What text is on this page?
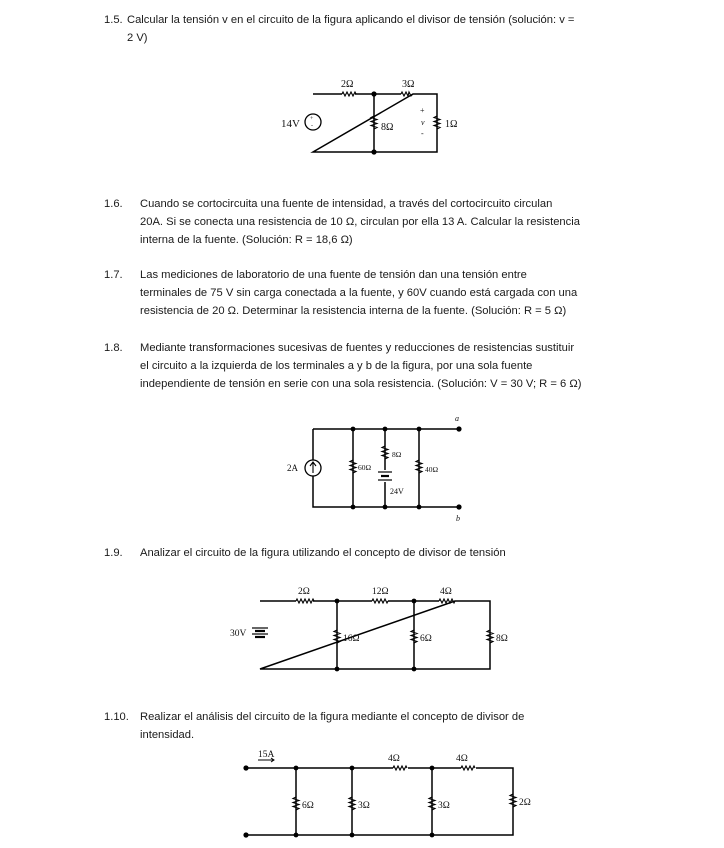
1.5. Calcular la tensión v en el circuito de la figura aplicando el divisor de tensión (solución: v =
2 V)
+
-
14V
2Ω	3Ω
8Ω	1Ω
+
v
-
1.6. Cuando se cortocircuita una fuente de intensidad, a través del cortocircuito circulan
20A. Si se conecta una resistencia de 10 Ω, circulan por ella 13 A. Calcular la resistencia
interna de la fuente. (Solución: R = 18,6 Ω)
1.7. Las mediciones de laboratorio de una fuente de tensión dan una tensión entre
terminales de 75 V sin carga conectada a la fuente, y 60V cuando está cargada con una
resistencia de 20 Ω. Determinar la resistencia interna de la fuente. (Solución: R = 5 Ω)
1.8. Mediante transformaciones sucesivas de fuentes y reducciones de resistencias sustituir
el circuito a la izquierda de los terminales a y b de la figura, por una sola fuente
independiente de tensión en serie con una sola resistencia. (Solución: V = 30 V; R = 6 Ω)
2A	60Ω
8Ω
24V
40Ω
a
b
1.9. Analizar el circuito de la figura utilizando el concepto de divisor de tensión
30V
2Ω	12Ω	4Ω
16Ω	6Ω	8Ω
1.10. Realizar el análisis del circuito de la figura mediante el concepto de divisor de
intensidad.
15A	4Ω	4Ω
6Ω	3Ω	3Ω	2Ω
